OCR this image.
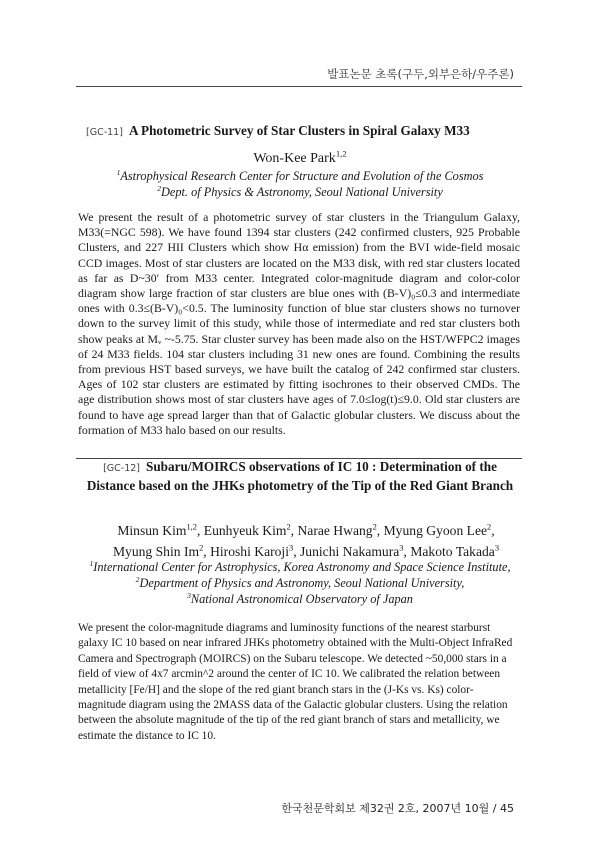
발표논문 초록(구두,외부은하/우주론)
[GC-11] A Photometric Survey of Star Clusters in Spiral Galaxy M33
Won-Kee Park$^{1,2}$
$^1$Astrophysical Research Center for Structure and Evolution of the Cosmos
$^2$Dept. of Physics & Astronomy, Seoul National University
We present the result of a photometric survey of star clusters in the Triangulum Galaxy, M33(=NGC 598). We have found 1394 star clusters (242 confirmed clusters, 925 Probable Clusters, and 227 HII Clusters which show Hα emission) from the BVI wide-field mosaic CCD images. Most of star clusters are located on the M33 disk, with red star clusters located as far as D~30′ from M33 center. Integrated color-magnitude diagram and color-color diagram show large fraction of star clusters are blue ones with (B-V)₀≤0.3 and intermediate ones with 0.3≤(B-V)₀<0.5. The luminosity function of blue star clusters shows no turnover down to the survey limit of this study, while those of intermediate and red star clusters both show peaks at Mᵥ ~-5.75. Star cluster survey has been made also on the HST/WFPC2 images of 24 M33 fields. 104 star clusters including 31 new ones are found. Combining the results from previous HST based surveys, we have built the catalog of 242 confirmed star clusters. Ages of 102 star clusters are estimated by fitting isochrones to their observed CMDs. The age distribution shows most of star clusters have ages of 7.0≤log(t)≤9.0. Old star clusters are found to have age spread larger than that of Galactic globular clusters. We discuss about the formation of M33 halo based on our results.
[GC-12] Subaru/MOIRCS observations of IC 10 : Determination of the Distance based on the JHKs photometry of the Tip of the Red Giant Branch
Minsun Kim$^{1,2}$, Eunhyeuk Kim$^2$, Narae Hwang$^2$, Myung Gyoon Lee$^2$,
Myung Shin Im$^2$, Hiroshi Karoji$^3$, Junichi Nakamura$^3$, Makoto Takada$^3$
$^1$International Center for Astrophysics, Korea Astronomy and Space Science Institute,
$^2$Department of Physics and Astronomy, Seoul National University,
$^3$National Astronomical Observatory of Japan
We present the color-magnitude diagrams and luminosity functions of the nearest starburst galaxy IC 10 based on near infrared JHKs photometry obtained with the Multi-Object InfraRed Camera and Spectrograph (MOIRCS) on the Subaru telescope. We detected ~50,000 stars in a field of view of 4x7 arcmin^2 around the center of IC 10. We calibrated the relation between metallicity [Fe/H] and the slope of the red giant branch stars in the (J-Ks vs. Ks) color-magnitude diagram using the 2MASS data of the Galactic globular clusters. Using the relation between the absolute magnitude of the tip of the red giant branch of stars and metallicity, we estimate the distance to IC 10.
한국천문학회보 제32권 2호, 2007년 10월 / 45
